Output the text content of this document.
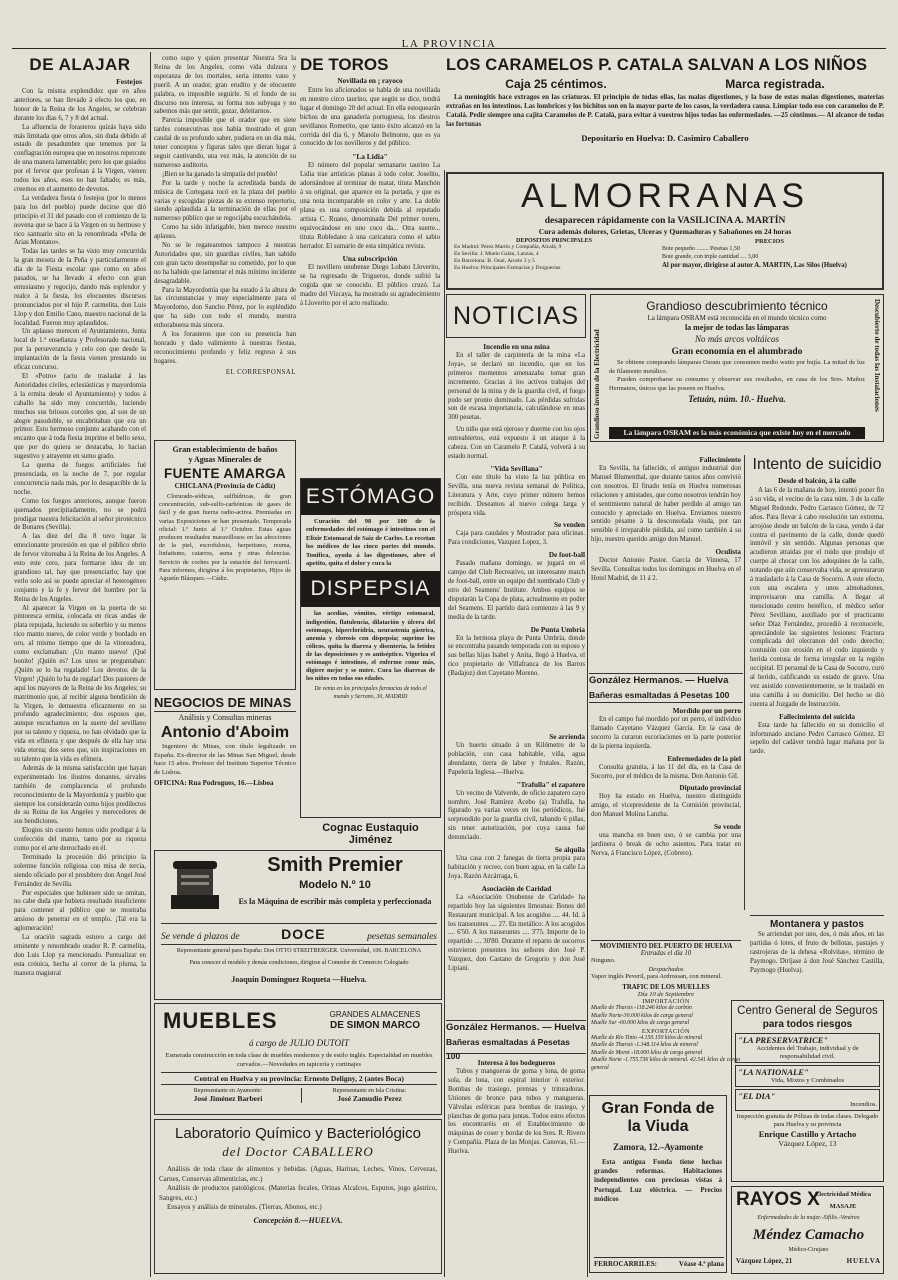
LA PROVINCIA
DE ALAJAR
Festejos

Con la misma explendidez que en años anteriores, se han llevado á efecto los que, en honor de la Reina de los Angeles, se celebran durante los dias 6, 7 y 8 del actual.

La afluencia de forasteros quizás haya sido más limitada que otros años, sin duda debido al estado de pesadumbre que tenemos por la conflagración europea que en nosotros repercute de una manera lamentable; pero los que guiados por el fervor que profesan á la Virgen, vienen todos los años, esos no han faltado; es más, creemos en el aumento de devotos.

La verdadera fiesta ó festejos (por lo menos para los del pueblo) puede decirse que dió principio el 31 del pasado con el comienzo de la novena que se hace á la Virgen en su hermoso y rico santuario sito en la renombrada «Peña de Arias Montano».

Todas las tardes se ha visto muy concurrida la gran meseta de la Peña y particularmente el dia de la Fiesta escolar que como en años pasados, se ha llevado á efecto con gran entusiasmo y regocijo, dando más esplendor y realce á la fiesta, los elocuentes discursos pronunciados por el hijo P. carmelita, don Luis Llop y don Emilio Cano, maestro nacional de la localidad. Fueron muy aplaudidos.

Un aplauso merecen el Ayuntamiento, Junta local de 1.ª enseñanza y Profesorado nacional, por la perseverancia y celo con que desde la implantación de la fiesta vienen prestando su eficaz concurso.

El «Potro» (acto de trasladar á las Autoridades civiles, eclesiásticas y mayordomía á la ermita desde el Ayuntamiento) y todos á caballo ha sido muy concurrido, luciendo muchos sus briosos corceles que, al son de un alegre pasodoble, se encabritaban que era un primor. Esto hermoso conjunto acabando con el encanto que á toda fiesta imprime el bello sexo, que por do quiera se destacaba, lo hacian sugestivo y atrayente en sumo grado.

La quema de fuegos artificiales fué presenciada, en la noche de 7, por regular concurrencia nada más, por lo desapacible de la noche.

Como los fuegos anteriores, aunque fueron quemados precipitadamente, no se podrá prodigar nuestra felicitación al señor pirotécnico de Bonares (Sevilla).

A las diez del dia 8 tuvo lugar la emocionante procesión en que el público ebrio de fervor vitoreaba á la Reina de los Angeles. A esto este cero, para formarse idea de un grandioso tal, hay que presenciarlo; hay que verlo solo así se puede apreciar el heterogéneo conjunto y la fe y fervor del hombre por la Reina de los Angeles.

Al aparecer la Virgen en la puerta de su pintoresca ermita, colocada en ricas andas de plata repujada, luciendo su soberbio y su menos rico manto nuevo, de color verde y bordado en oro, al mismo tiempo que de la vitoreadora, como exclamaban: ¡Un manto nuevo! ¡Qué bonito! ¡Quién es? Los unos se preguntaban: ¡Quién se lo ha regalado! Los devotos de la Virgen! ¡Quién lo ha de regalar! Dos pastores de aquí los mayores de la Reina de los Angeles; su matrimonio que, al recibir alguna bendición de la Virgen, lo demuestra eficazmente en su profundo agradecimiento; dos esposos que, aunque escuchamos en la suerte del sevillano por su talento y riqueza, no han olvidado que la vida en efímera y que después de ella hay una vida eterna; dos seres que, sin inspiraciones en su talento que la vida es efímera.

Además de la misma satisfacción que hayan experimentado los ilustres donantes, sirvales también de complacencia el profundo reconocimiento de la Mayordomía y pueblo que siempre los considerarán como hijos predilectos de su Reina de los Angeles y merecedores de sus bendiciones.

Elogios sin cuento hemos oido prodigar á la confección del manto, tanto por su riqueza como por el arte derrochado en él.

Terminado la procesión dió principio la solemne función religiosa con misa de tercia, siendo oficiado por el presbítero don Angel José Fernández de Sevilla.

Por especiales que hubiesen sido se omitan, no cabe duda que hubiera resultado insuficiente para contener al público que se mostraba ansioso de penetrar en el templo. ¡Tal era la aglomeración!

La oración sagrada estuvo a cargo del eminente y renombrado orador R. P. carmelita, don Luis Llop ya mencionado. Puntualizar en esta crónica, hecha al correr de la pluma, la manera magistral

como supo y quien presentar Nuestra Sra la Reina de los Angeles, como vida dulzura y esperanza de los mortales, seria intento vano y pueril. A un orador, gran erudito y de elocuente palabra, es imposible seguirle. Si el fondo de su discurso nos interesa, su forma nos subyuga y no sabemos más que sentir, gozar, deleitarnos.

Parecía imposible que el orador que en siete tardes consecutivas nos había mostrado el gran caudal de su profundo saber, pudiera en un dia más, tener conceptos y figuras tales que dieran lugar á seguir cautivando, una vez más, la atención de su numeroso auditorio.

¡Bien se ha ganado la simpatía del pueblo!

Por la tarde y noche la acreditada banda de música de Cortegana tocó en la plaza del pueblo varias y escogidas piezas de su extenso repertorio, siendo aplaudida á la terminación de ellas por el numeroso público que se regocijaba escuchándola.

Como ha sido infatigable, bien merece nuestro aplauso.

No se le regatearemos tampoco á nuestras Autoridades que, sin guardias civiles, han sabido con gran tacto desempeñar su cometido, por lo que no ha habido que lamentar el más mínimo incidente desagradable.

Para la Mayordomía que ha estado á la altura de las circunstancias y muy especialmente para el Mayordomo, don Sancho Pérez, por lo espléndido que ha sido con todo el mundo, nuestra enhorabuena más sincera.

A los forasteros que con su presencia han honrado y dado valimiento á nuestras fiestas, reconocimiento profundo y feliz regreso á sus hogares.

EL CORRESPONSAL
Gran establecimiento de baños
y Aguas Minerales de
FUENTE AMARGA
CHICLANA (Provincia de Cádiz)

Clorurado-sódicas, sulfhídricas, de gran concentración, sub-sulfo-carbónicas de gases de fácil y de gran fuerza radio-activa. Premiadas en varias Exposiciones se han presentado. Temporada oficial: 1.º Junio al 1.º Octubre. Estas aguas producen resultados maravillosos en las afecciones de la piel, escrofulosis, herpetismo, reuma, linfatismo, catarros, asma y otras dolencias. Servicio de coches por la estación del ferrocarril. Para informes, dirigirse á los propietarios, Hijos de Agustín Blázquez.—Cádiz.

NEGOCIOS DE MINAS
Análisis y Consultas mineras
Antonio d'Aboim

Ingeniero de Minas, con título legalizado en España. Ex-director de las Minas San Miguel, desde hace 15 años. Profesor del Instituto Superior Técnico de Lisboa.

OFICINA: Rua Podrogues, 16.—Lisboa
Smith Premier
Modelo N.º 10
Es la Máquina de escribir más completa y perfeccionada
Se vende á plazos de	DOCE	pesetas semanales
Representante general para España: Don OTTO STREITBERGER. Universidad, 106. BARCELONA
Para conocer el modelo y demás condiciones, dirigirse al Comedor de Comercio Colegiado
Joaquín Domínguez Roqueta —Huelva.
MUEBLES	GRANDES ALMACENES
DE SIMON MARCO
á cargo de JULIO DUTOIT
Esmerada construcción en toda clase de muebles modernos y de estilo inglés. Especialidad en muebles curvados.—Novedades en tapicería y cortinajes
Central en Huelva y su provincia: Ernesto Deligny, 2 (antes Boca)
Representante en Ayamonte:
José Jiménez Barberi
Representante en Isla Cristina:
José Zamudio Perez
Laboratorio Químico y Bacteriológico
del Doctor CABALLERO

Análisis de toda clase de alimentos y bebidas. (Aguas, Harinas, Leches, Vinos, Cervezas, Carnes, Conservas alimenticias, etc.)

Análisis de productos patológicos. (Materias fecales, Orinas Alcalcos, Esputos, jugo gástrico, Sangres, etc.)

Ensayos y análisis de minerales. (Tierras, Abonos, etc.)

Concepción 8.—HUELVA.
DE TOROS
Novillada en ¡ rayoco

Entre los aficionados se habla de una novillada en nuestro circo taurino, que según se dice, tendrá lugar el domingo 20 del actual. En ella estoquearán bichos de una ganadería portuguesa, los diestros sevillanos Romerito, que tanto éxito alcanzó en la corrida del dia 6, y Manolo Belmonte, que es ya conocido de los novilleros y del público.

"La Lidia"

El número del popular semanario taurino La Lidia trae artísticas planas á todo color. Joselito, adornándose al terminar de matar, tituta Manchón á su original, que aparece en la portada, y que es una nota incomparable en color y arte. La doble plana es una composición debida al reputado artista C. Ruano, denominada Del primer torero, equivocándose en uno coco da... Otra suerte... tituta Robledano á una caricatura como el sabio herrador. El sumario de esta simpática revista.

Una subscripción

El novillero onubense Diego Lobato Lloverito, se ha regresado de Trigueros, donde sufrió la cogida que se conocido. El público cruzó. La madre del Vizcaya, ha mostrado su agradecimiento á Lloverito por el acto realizado.

ESTÓMAGO

Curación del 98 por 100 de la enfermedades del estómago é intestinos con el Elixir Estomacal de Saiz de Carlos. Lo recetan los médicos de las cinco partes del mundo. Tonifica, ayuda á las digestiones, abre el apetito, quita el dolor y cura la

DISPEPSIA

las acedías, vómitos, vértigo estomacal, indigestión, flatulencia, dilatación y úlcera del estómago, hiperclorídria, neurastenia gástrica, anemia y clorosis con dispepsia; suprime los cólicos, quita la diarrea y disentería, la fetidez de las deposiciones y es antiséptico. Vigoriza el estómago é intestinos, el enfermo come más, digiere mejor y se nutre. Cura las diarreas de los niños en todas sus edades.

De venta en las principales farmacias de todo el mundo y Serrano, 30, MADRID
Cognac Eustaquio Jiménez
LOS CARAMELOS P. CATALA SALVAN A LOS NIÑOS
Caja 25 céntimos.	Marca registrada.

La meningitis hace extragos en las criaturas. El principio de todas ellas, las malas digestiones, y la base de estas malas digestiones, materias extrañas en los intestinos. Las lombrices y los bichitos son en la mayor parte de los casos, la verdadera causa. Limpiar todo eso con caramelos de P. Catalá. Pedir siempre una cajita Caramelos de P. Catalá, para evitar á vuestros hijos todas las enfermedades. —25 céntimos.— Al alcance de todas las fortunas

Depositario en Huelva: D. Casimiro Caballero
ALMORRANAS
desaparecen rápidamente con la VASILICINA A. MARTÍN
Cura además dolores, Grietas, Ulceras y Quemaduras y Sabañones en 24 horas
DEPOSITOS PRINCIPALES
En Madrid: Pérez Martín y Compañía, Alcalá, 9
En Sevilla: J. Muelo Galán, Lanzas, 4
En Barcelona: B. Oual, Arcelo 3 y 5
En Huelva: Principales Farmacias y Droguerías
PRECIOS
Bote pequeño ........ Pesetas 1,50
Bote grande, con triple cantidad .... 3,00
Al por mayor, dirigirse al autor A. MARTIN, Las Silos (Huelva)
NOTICIAS
Grandioso invento de la Electricidad	Descubierto de todas las Instalaciones
Grandioso descubrimiento técnico
La lámpara OSRAM está reconocida en el mundo técnico como
la mejor de todas las lámparas
No más arcos voltáicos
Gran economía en el alumbrado

Se obtiene comprando lámparas Osram que consumen medio watio por bujía. La mitad de luz de filamento metálico.

Pueden comprobarse su consumo y observar sus resultados, en casa de los Sres. Muñoz Hermanos, únicos que las poseen en Huelva.

Tetuán, núm. 10.- Huelva.
La lámpara OSRAM es la más económica que existe hoy en el mercado
Incendio en una mina

En el taller de carpintería de la mina «La Joya», se declaró un incendio, que en los primeros momentos amenazaba tomar gran incremento. Gracias á los activos trabajos del personal de la mina y de la guardia civil, el fuego pudo ser pronto dominado. Las pérdidas sufridas son de escasa importancia, calculándose en unas 300 pesetas.

Un niño que está ojeroso y duerme con los ojos entreabiertos, está expuesto á un ataque á la cabeza. Con un Caramelo P. Catalá, volverá á su estado normal.

"Vida Sevillana"

Con este título ha visto la luz pública en Sevilla, una nueva revista semanal de Política, Literatura y Arte, cuyo primer número hemos recibido. Deseamos al nuevo colega larga y próspera vida.

Se venden

Caja para caudales y Mostrador para oficinas. Para condiciones, Vazquez Lopez, 3.

De foot-ball

Pasado mañana domingo, se jugará en el campo del Club Recreativo, un interesante match de foot-ball, entre un equipo del nombrado Club y otro del Seamens' Institute. Ambos equipos se disputarán la Copa de plata, actualmente en poder del Seamens. El partido dará comienzo á las 9 y media de la tarde.

De Punta Umbría

En la hermosa playa de Punta Umbría, donde se encontraba pasando temporada con su esposo y sus bellas hijas Isabel y Anita, llegó á Huelva, el rico propietario de Villafranca de los Barros (Badajoz) don Cayetano Moreno.

Se arrienda

Un huerto situado á un Kilómetro de la población, con casa habitable, viña, agua abundante, tierra de labor y frutales. Razón, Papelería Inglesa.—Huelva.

"Trafulla" el zapatero

Un vecino de Valverde, de oficio zapatero cayo nombre, José Ramírez Acebo (a) Trafulla, ha figurado ya varias veces en los periódicos, fué sorprendido por la guardia civil, tabando 6 piñas, sin tener autorización, por cuya causa fué denunciado.

Se alquila

Una casa con 2 fanegas de tierra propia para habitación y recreo, con buen agua, en la calle La Joya. Razón Azcárraga, 6.

Asociación de Caridad

La «Asociación Onubense de Caridad» ha repartido hoy las siguientes limosnas: Bonos del Restaurant municipal. A los acogidos .... 44. Id. á los transeuntes .... 27. En metálico: A los acogidos .... 6'50. A los transeuntes .... 3'75. Importe de lo repartido .... 30'80. Durante el reparto de socorros estuvieron presentes los señores don José P. Vazquez, don Castano de Gregorio y don José Lipiani.

González Hermanos. — Huelva
Bañeras esmaltadas á Pesetas 100
Interesa á los bodegueros

Tubos y mangueras de goma y lona, de goma sola, de lona, con espiral interior ó exterior. Bombas de trasiego, prensas y trituradoras. Uniones de bronce para tubos y mangueras. Válvulas esféricas para bombas de trasiego, y planchas de goma para juntas. Todos estos efectos los encontraréis en el Establecimiento de máquinas de coser y bordar de los Sres. R. Rivero y Compañía. Plaza de las Monjas. Canovas, 61.—Huelva.

Fallecimiento

En Sevilla, ha fallecido, el antiguo industrial don Manuel Blumenthal, que durante tantos años convivió con nosotros. El finado tenía en Huelva numerosas relaciones y amistades, que como nosotros tendrán hoy el sentimiento natural de haber perdido al amigo tan conocido y apreciado en Huelva. Enviamos nuestro sentido pésame á la desconsolada viuda, por tan sensible é irreparable pérdida, así como también á su hijo, nuestro querido amigo don Manuel.

Oculista

Doctor Antonio Pastor. García de Vinuesa, 17 Sevilla. Consultas todos los domingos en Huelva en el Hotel Madrid, de 11 á 2.

González Hermanos. — Huelva
Bañeras esmaltadas á Pesetas 100
Mordido por un perro

En el campo fué mordido por un perro, el individuo llamado Cayetano Vázquez García. En la casa de socorro la curaron escoriaciones en la parte posterior de la pierna izquierda.

Enfermedades de la piel

Consulta gratuita, á las 11 del día, en la Casa de Socorro, por el médico de la misma. Don Antonio Gil.

Diputado provincial

Hoy ha estado en Huelva, nuestro distinguido amigo, el vicepresidente de la Comisión provincial, don Manuel Molina Lanzha.

Se vende

una mancha en buen uso, ó se cambia por una jardinera ó break de ocho asientos. Para tratar en Nerva, á Francisco López, (Cobrero).

MOVIMIENTO DEL PUERTO DE HUELVA
Entradas el día 10
Ninguno.
Despachados
Vapor inglés Peveril, para Ardrossan, con mineral.
TRAFIC DE LOS MUELLES
Día 10 de Septiembre
IMPORTACIÓN
Muelle de Tharsis -118.246 kilos de carbón
Muelle Norte-30.000 kilos de carga general
Muelle Sur -60.000 kilos de carga general
EXPORTACIÓN
Muelle de Río Tinto -4.150.150 kilos de mineral
Muelle de Tharsis -1.348.114 kilos de mineral
Muelle de Morot -18.000 kilos de carga general
Muelle Norte -1.755.736 kilos de mineral. 42.541 kilos de carga general
Gran Fonda de la Viuda
Zamora, 12.–Ayamonte

Esta antigua Fonda tiene hechas grandes reformas. Habitaciones independientes con preciosas vistas á Portugal. Luz eléctrica. — Precios módicos

FERROCARRILES:	Véase 4.ª plana
Intento de suicidio
Desde el balcón, á la calle

A las 6 de la mañana de hoy, intentó poner fin á su vida, el vecino de la casa núm. 3 de la calle Miguel Redondo, Pedro Carrasco Gómez, de 72 años. Para llevar á cabo resolución tan extrema, arrojóse desde un balcón de la casa, yendo á dar contra el pavimento de la calle, donde quedó inmóvil y sin sentido. Algunas personas que acudieron atraidas por el ruido que produjo el cuerpo al chocar con los adoquines de la calle, notando que aún conservaba vida, se apresuraron á trasladarlo á la Casa de Socorro. A este efecto, con una escalera y unos almohadones, improvisaron una camilla. A llegar al mencionado centro benéfico, el médico señor Pérez Sevillano, auxiliado por el practicante señor Díaz Fernández, procedió á reconocerle, apreciándole las siguientes lesiones: Fractura complicada del olecranon del codo derecho; contusión con erosión en el codo izquierdo y herida contusa de forma irregular en la región occipital. El personal de la Casa de Socorro, curó al herido, calificando su estado de grave. Una vez asistido convenientemente, se le trasladó en una camilla á su domicilio. Del hecho se dió cuenta al Juzgado de Instrucción.

Fallecimiento del suicida

Esta tarde ha fallecido en su domicilio el infortunado anciano Pedro Carrasco Gómez. El sepelio del cadáver tendrá lugar mañana por la tarde.

Montanera y pastos

Se arriendan por uno, dos, ó más años, en las partidas ó lotes, el fruto de bellotas, pastajes y rastrojeras de la dehesa «Rolvitas», término de Paymogo. Diríjase á don José Sánchez Castilla, Paymogo (Huelva).

Centro General de Seguros
para todos riesgos
"LA PRESERVATRICE"
Accidentes del Trabajo, individual y de responsabilidad civil.
"LA NATIONALE"
Vida, Mixtos y Combinados
"EL DIA"
Incendios.
Inspección gratuita de Pólizas de todas clases. Delegado para Huelva y su provincia
Enrique Castillo y Artacho
Vázquez López, 13
RAYOS X
Electricidad Médica
MASAJE
Enfermedades de la mujer.-Sifilis.-Venéreo
Méndez Camacho
Médico-Cirujano
Vázquez López, 21	HUELVA
